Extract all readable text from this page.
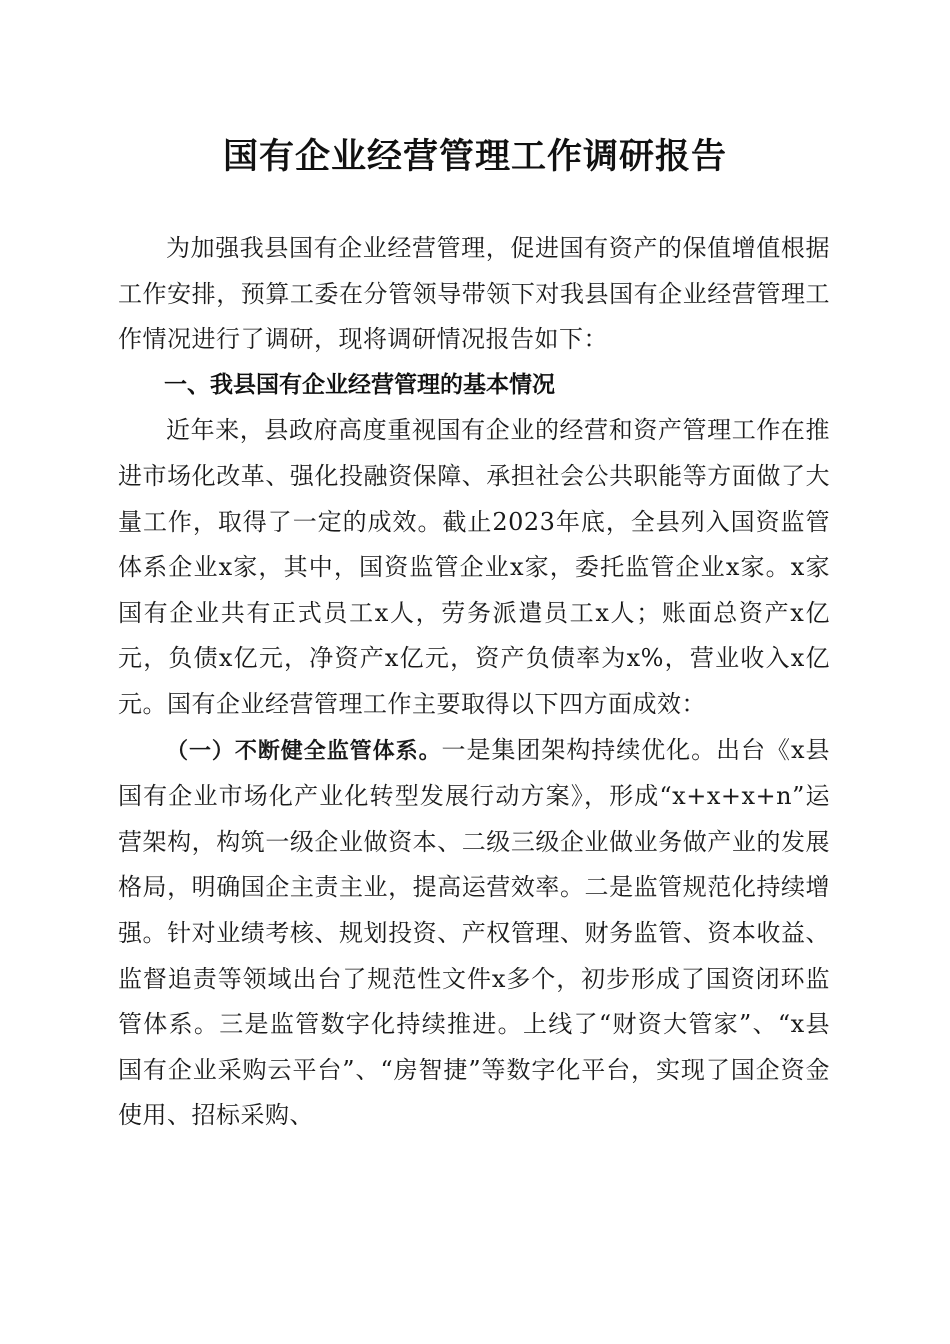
国有企业经营管理工作调研报告

为加强我县国有企业经营管理，促进国有资产的保值增值根据工作安排，预算工委在分管领导带领下对我县国有企业经营管理工作情况进行了调研，现将调研情况报告如下：

一、我县国有企业经营管理的基本情况

近年来，县政府高度重视国有企业的经营和资产管理工作在推进市场化改革、强化投融资保障、承担社会公共职能等方面做了大量工作，取得了一定的成效。截止2023年底，全县列入国资监管体系企业x家，其中，国资监管企业x家，委托监管企业x家。x家国有企业共有正式员工x人，劳务派遣员工x人；账面总资产x亿元，负债x亿元，净资产x亿元，资产负债率为x%，营业收入x亿元。国有企业经营管理工作主要取得以下四方面成效：

（一）不断健全监管体系。一是集团架构持续优化。出台《x县国有企业市场化产业化转型发展行动方案》，形成“x+x+x+n”运营架构，构筑一级企业做资本、二级三级企业做业务做产业的发展格局，明确国企主责主业，提高运营效率。二是监管规范化持续增强。针对业绩考核、规划投资、产权管理、财务监管、资本收益、监督追责等领域出台了规范性文件x多个，初步形成了国资闭环监管体系。三是监管数字化持续推进。上线了“财资大管家”、“x县国有企业采购云平台”、“房智捷”等数字化平台，实现了国企资金使用、招标采购、
